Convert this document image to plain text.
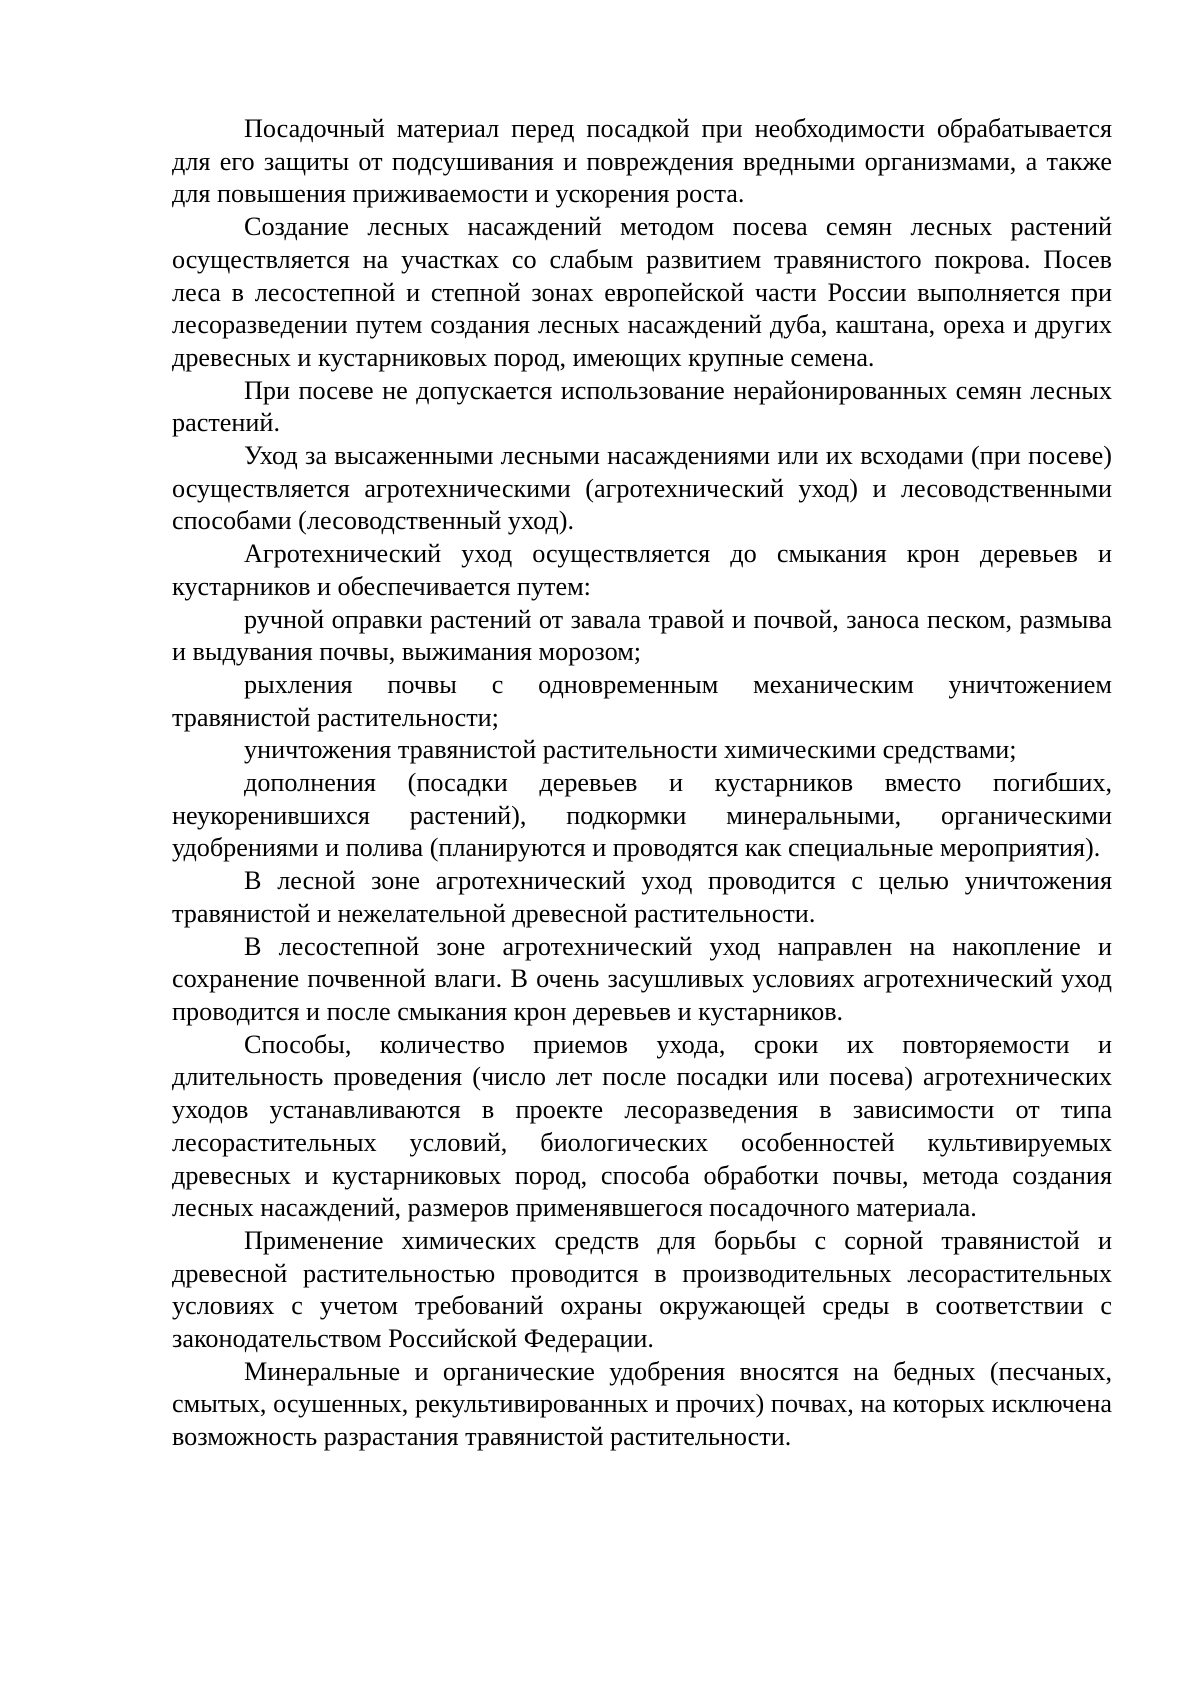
Посадочный материал перед посадкой при необходимости обрабатывается для его защиты от подсушивания и повреждения вредными организмами, а также для повышения приживаемости и ускорения роста.

Создание лесных насаждений методом посева семян лесных растений осуществляется на участках со слабым развитием травянистого покрова. Посев леса в лесостепной и степной зонах европейской части России выполняется при лесоразведении путем создания лесных насаждений дуба, каштана, ореха и других древесных и кустарниковых пород, имеющих крупные семена.

При посеве не допускается использование нерайонированных семян лесных растений.

Уход за высаженными лесными насаждениями или их всходами (при посеве) осуществляется агротехническими (агротехнический уход) и лесоводственными способами (лесоводственный уход).

Агротехнический уход осуществляется до смыкания крон деревьев и кустарников и обеспечивается путем:

ручной оправки растений от завала травой и почвой, заноса песком, размыва и выдувания почвы, выжимания морозом;

рыхления почвы с одновременным механическим уничтожением травянистой растительности;

уничтожения травянистой растительности химическими средствами;

дополнения (посадки деревьев и кустарников вместо погибших, неукоренившихся растений), подкормки минеральными, органическими удобрениями и полива (планируются и проводятся как специальные мероприятия).

В лесной зоне агротехнический уход проводится с целью уничтожения травянистой и нежелательной древесной растительности.

В лесостепной зоне агротехнический уход направлен на накопление и сохранение почвенной влаги. В очень засушливых условиях агротехнический уход проводится и после смыкания крон деревьев и кустарников.

Способы, количество приемов ухода, сроки их повторяемости и длительность проведения (число лет после посадки или посева) агротехнических уходов устанавливаются в проекте лесоразведения в зависимости от типа лесорастительных условий, биологических особенностей культивируемых древесных и кустарниковых пород, способа обработки почвы, метода создания лесных насаждений, размеров применявшегося посадочного материала.

Применение химических средств для борьбы с сорной травянистой и древесной растительностью проводится в производительных лесорастительных условиях с учетом требований охраны окружающей среды в соответствии с законодательством Российской Федерации.

Минеральные и органические удобрения вносятся на бедных (песчаных, смытых, осушенных, рекультивированных и прочих) почвах, на которых исключена возможность разрастания травянистой растительности.
